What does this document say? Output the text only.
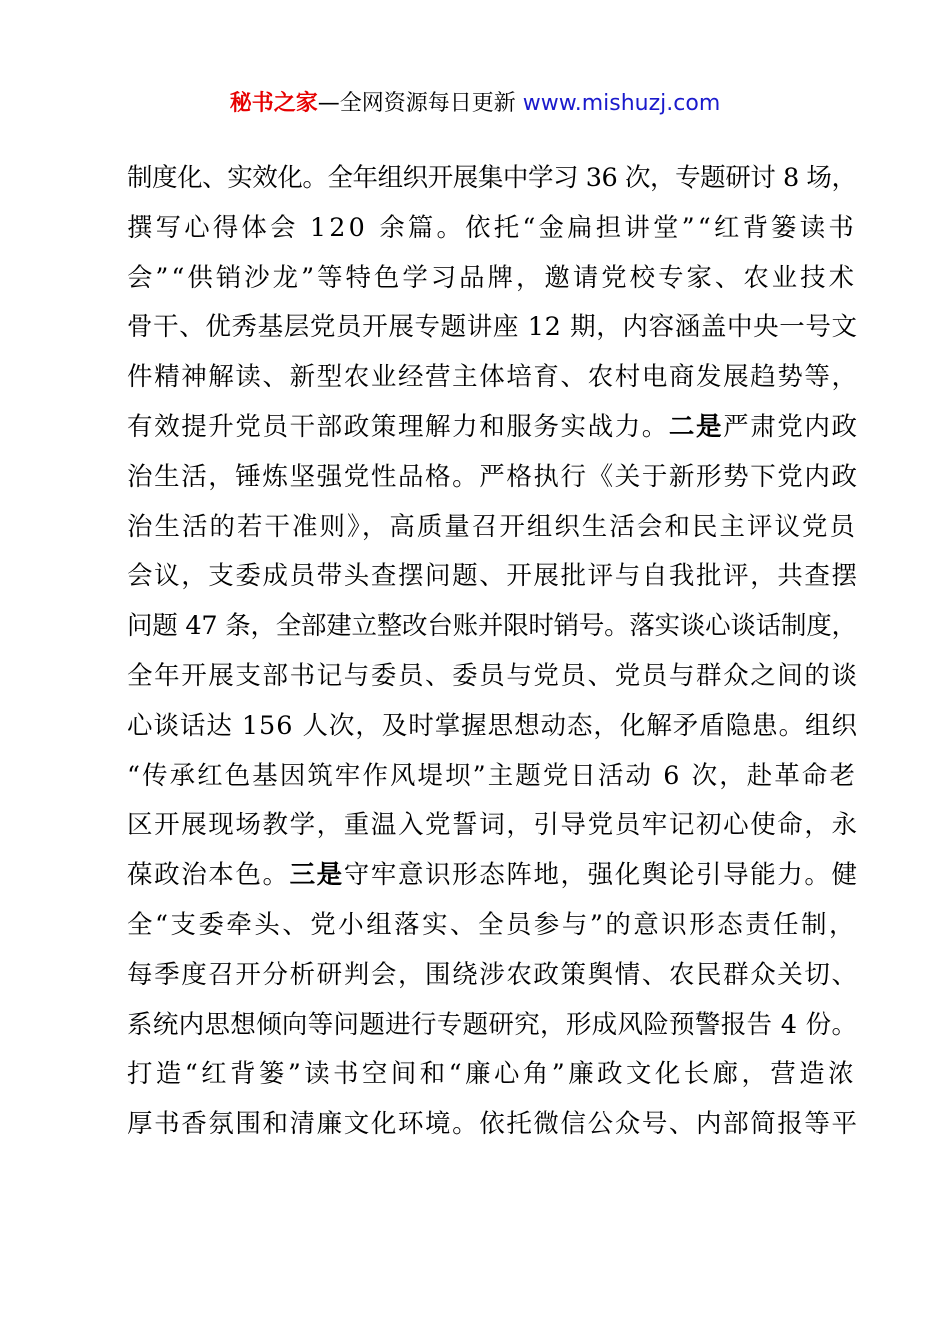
秘书之家—全网资源每日更新 www.mishuzj.com
制度化、实效化。全年组织开展集中学习 36 次，专题研讨 8 场，
撰写心得体会 120 余篇。依托“金扁担讲堂”“红背篓读书
会”“供销沙龙”等特色学习品牌，邀请党校专家、农业技术
骨干、优秀基层党员开展专题讲座 12 期，内容涵盖中央一号文
件精神解读、新型农业经营主体培育、农村电商发展趋势等，
有效提升党员干部政策理解力和服务实战力。二是严肃党内政
治生活，锤炼坚强党性品格。严格执行《关于新形势下党内政
治生活的若干准则》，高质量召开组织生活会和民主评议党员
会议，支委成员带头查摆问题、开展批评与自我批评，共查摆
问题 47 条，全部建立整改台账并限时销号。落实谈心谈话制度，
全年开展支部书记与委员、委员与党员、党员与群众之间的谈
心谈话达 156 人次，及时掌握思想动态，化解矛盾隐患。组织
“传承红色基因筑牢作风堤坝”主题党日活动 6 次，赴革命老
区开展现场教学，重温入党誓词，引导党员牢记初心使命，永
葆政治本色。三是守牢意识形态阵地，强化舆论引导能力。健
全“支委牵头、党小组落实、全员参与”的意识形态责任制，
每季度召开分析研判会，围绕涉农政策舆情、农民群众关切、
系统内思想倾向等问题进行专题研究，形成风险预警报告 4 份。
打造“红背篓”读书空间和“廉心角”廉政文化长廊，营造浓
厚书香氛围和清廉文化环境。依托微信公众号、内部简报等平
